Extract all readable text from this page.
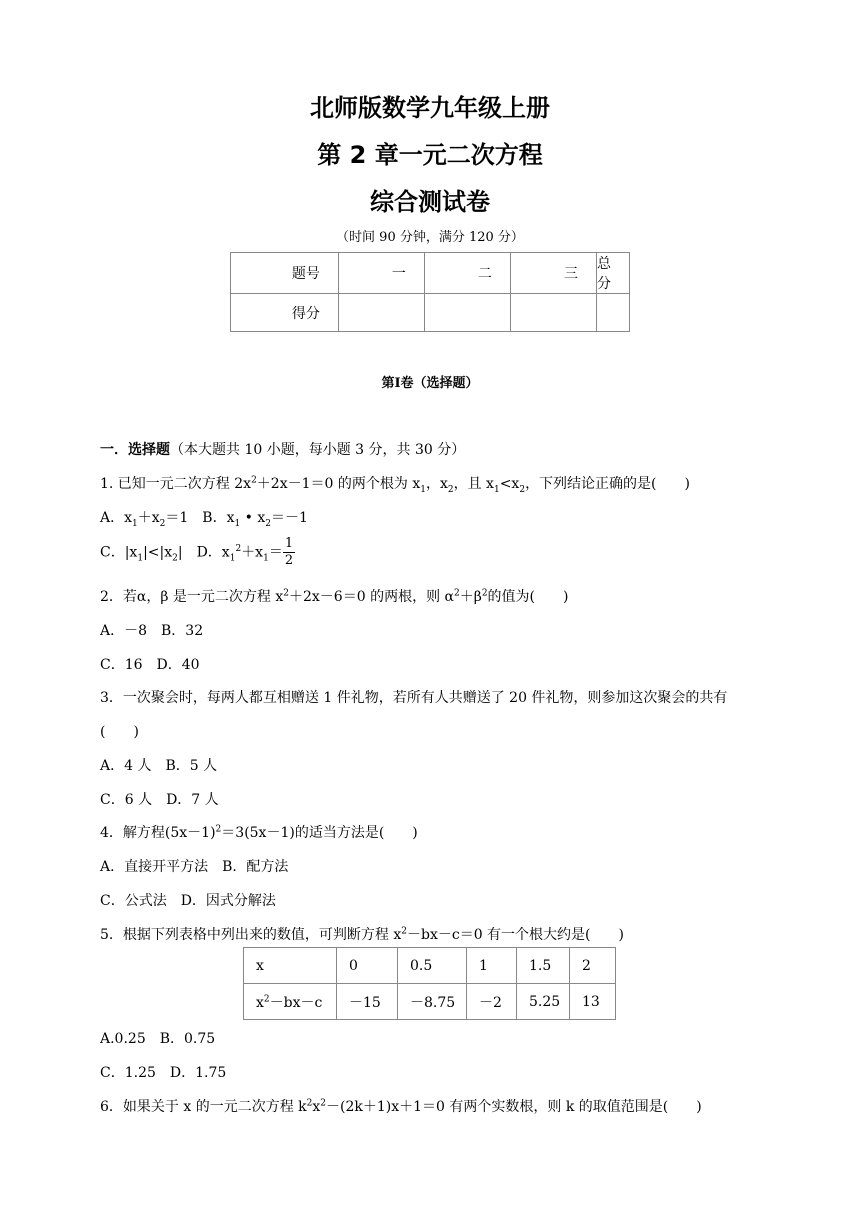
北师版数学九年级上册
第 2 章一元二次方程
综合测试卷
（时间 90 分钟，满分 120 分）
题号	一	二	三	总分
得分				
第Ⅰ卷（选择题）
一．选择题（本大题共 10 小题，每小题 3 分，共 30 分）
1. 已知一元二次方程 $2x^2+2x-1=0$ 的两个根为 $x_1$，$x_2$，且 $x_1<x_2$，下列结论正确的是(　　)
A．$x_1+x_2=1$　B．$x_1$ • $x_2=-1$
C．$|x_1|<|x_2|$　D．$x_1^2+x_1= \frac{1}{2}$
2．若α，β 是一元二次方程 $x^2+2x-6=0$ 的两根，则 $\alpha^2+\beta^2$的值为(　　)
A．－8　B．32
C．16　D．40
3．一次聚会时，每两人都互相赠送 1 件礼物，若所有人共赠送了 20 件礼物，则参加这次聚会的共有
(　　)
A．4 人　B．5 人
C．6 人　D．7 人
4．解方程$(5x-1)^2=3(5x-1)$的适当方法是(　　)
A．直接开平方法　B．配方法
C．公式法　D．因式分解法
5．根据下列表格中列出来的数值，可判断方程 $x^2-bx-c=0$ 有一个根大约是(　　)
x	0	0.5	1	1.5	2
$x^2-bx-c$	－15	－8.75	－2	5.25	13
A.0.25　B．0.75
C．1.25　D．1.75
6．如果关于 x 的一元二次方程 $k^2x^2-(2k+1)x+1=0$ 有两个实数根，则 k 的取值范围是(　　)
